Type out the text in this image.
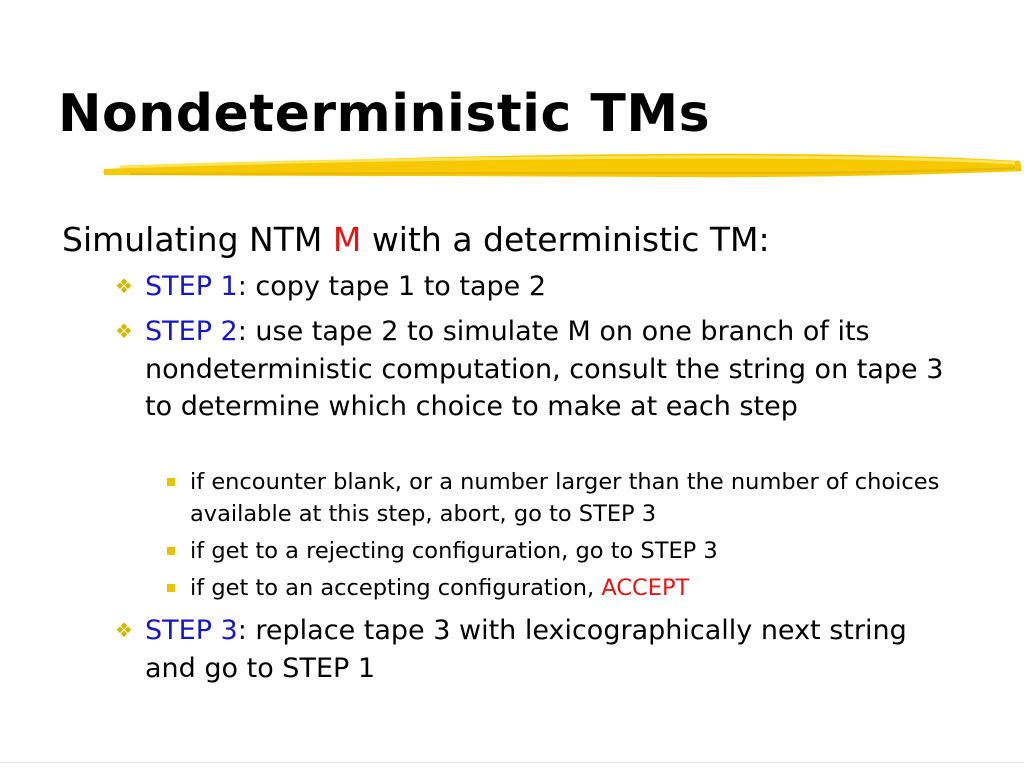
Nondeterministic TMs

Simulating NTM M with a deterministic TM:

❖ STEP 1: copy tape 1 to tape 2

❖ STEP 2: use tape 2 to simulate M on one branch of its nondeterministic computation, consult the string on tape 3 to determine which choice to make at each step

if encounter blank, or a number larger than the number of choices available at this step, abort, go to STEP 3

if get to a rejecting configuration, go to STEP 3

if get to an accepting configuration, ACCEPT

❖ STEP 3: replace tape 3 with lexicographically next string and go to STEP 1
